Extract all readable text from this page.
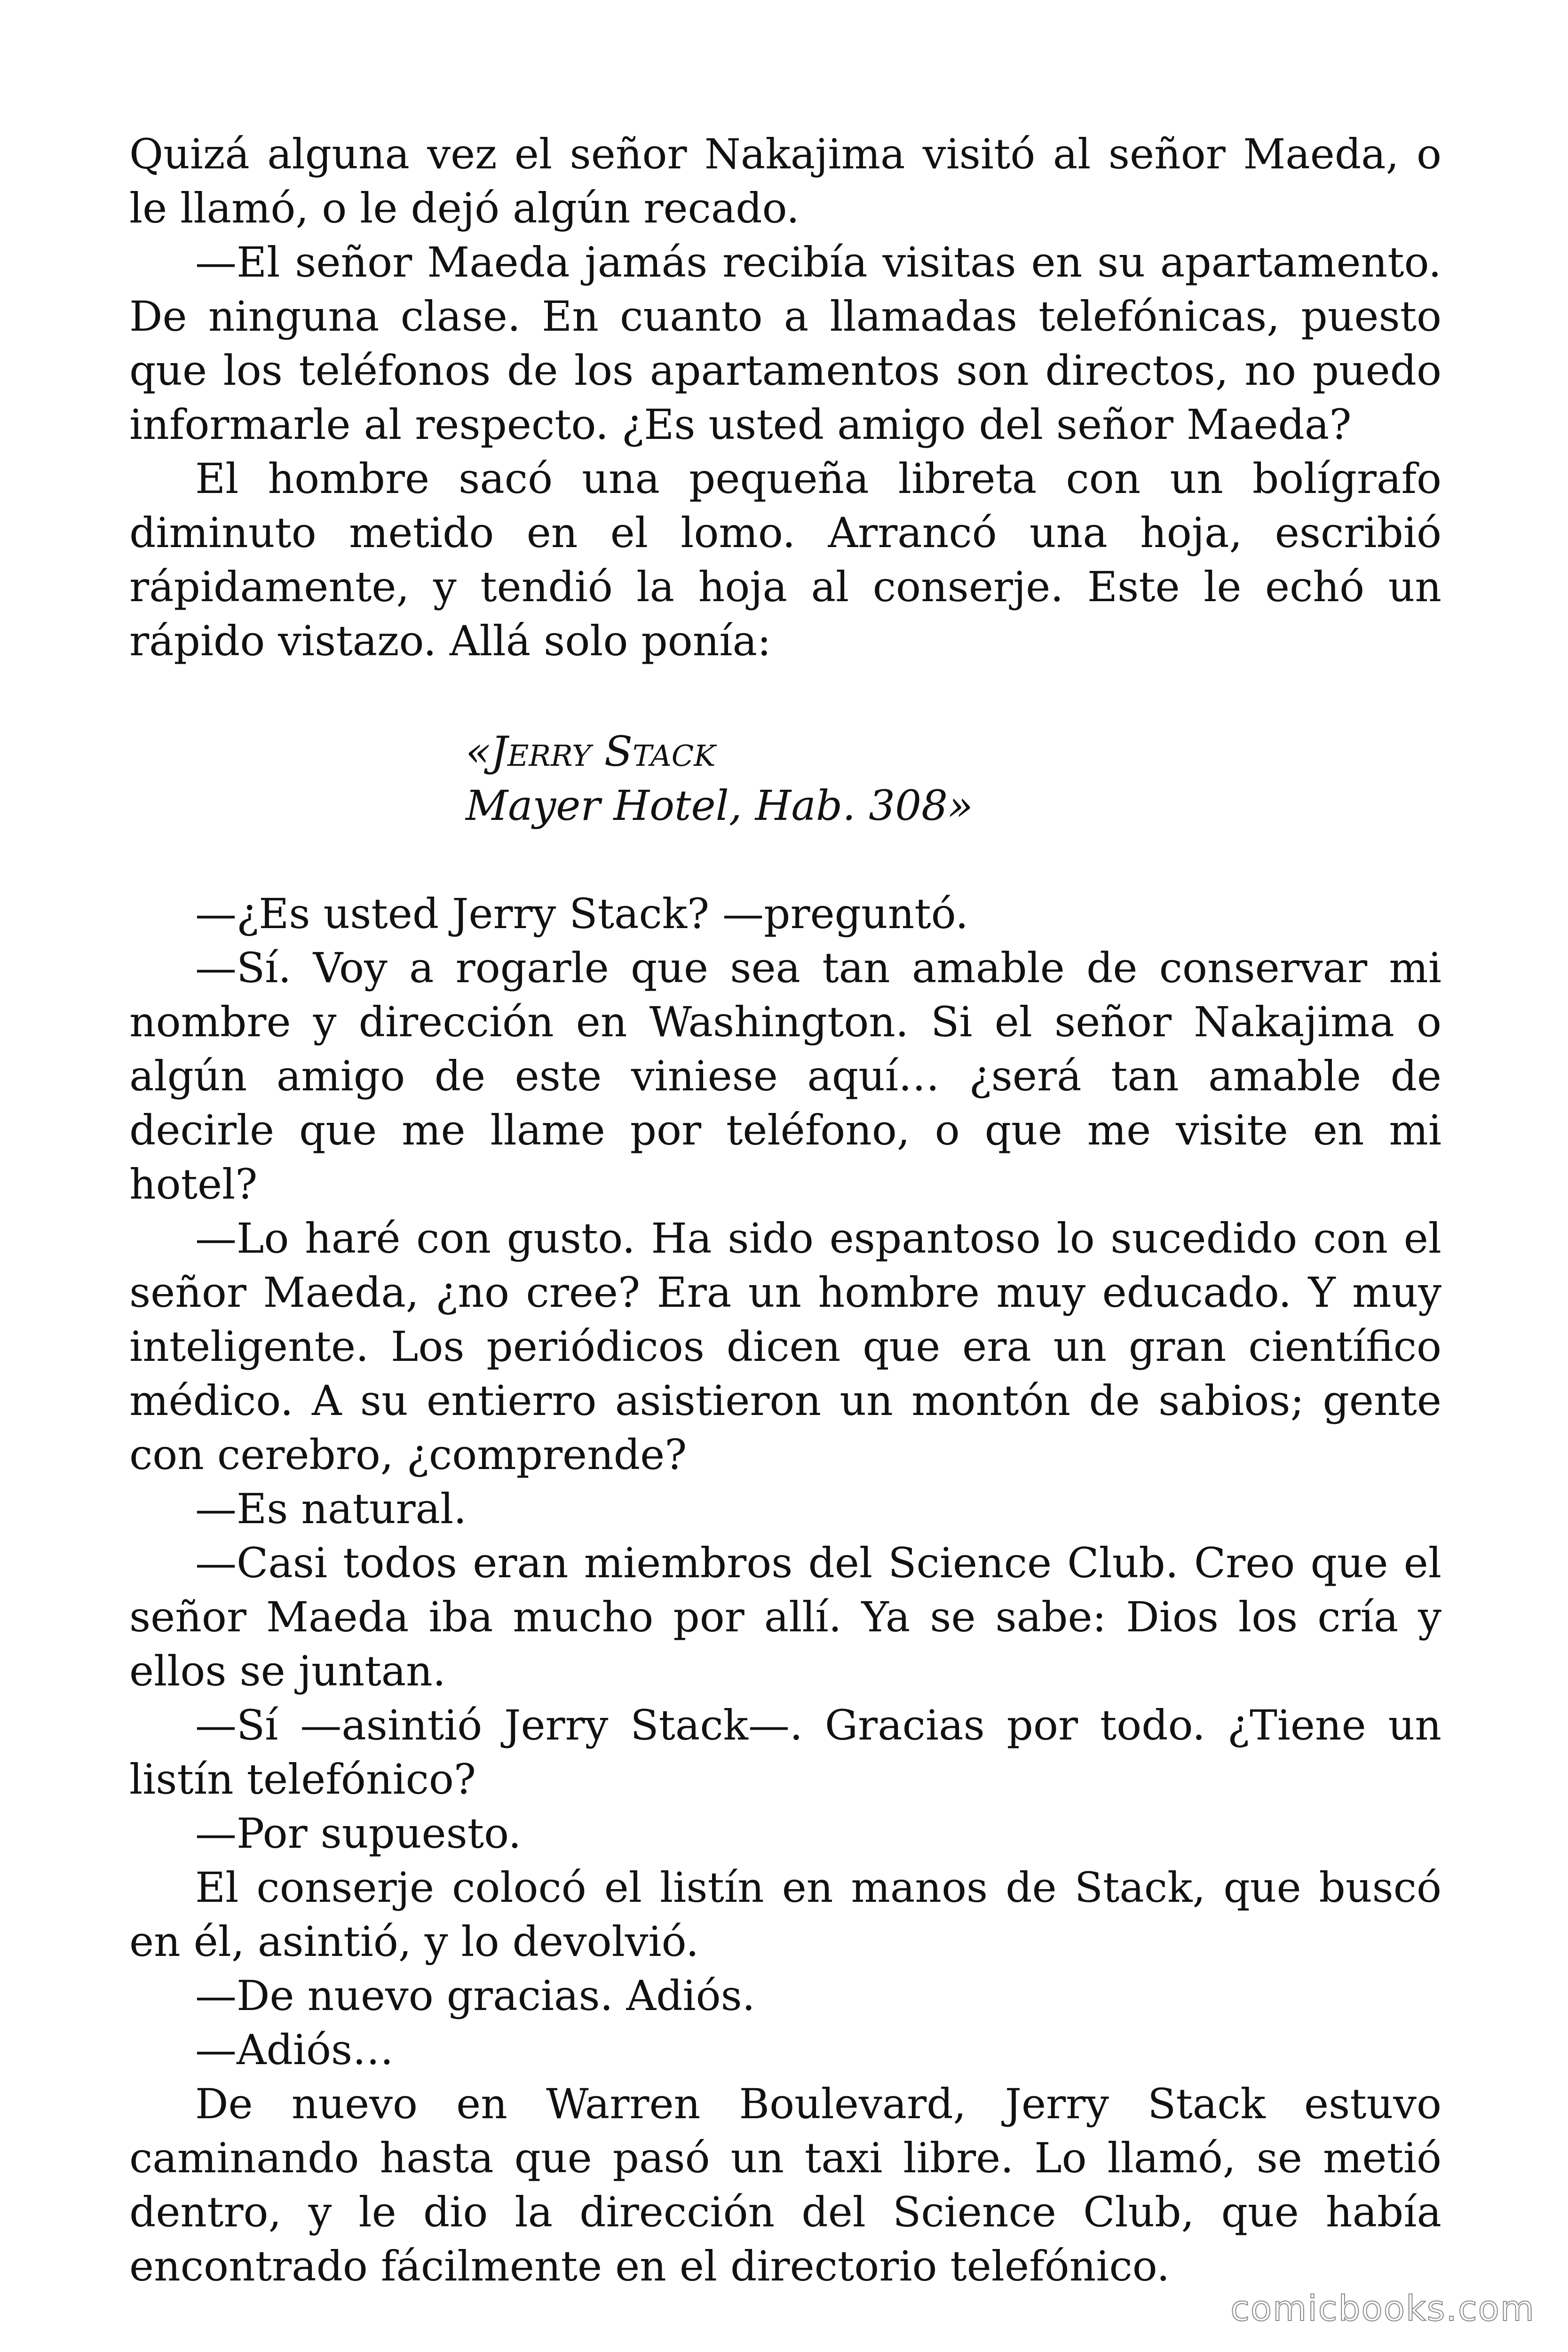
Quizá alguna vez el señor Nakajima visitó al señor Maeda, o le llamó, o le dejó algún recado.

—El señor Maeda jamás recibía visitas en su apartamento. De ninguna clase. En cuanto a llamadas telefónicas, puesto que los teléfonos de los apartamentos son directos, no puedo informarle al respecto. ¿Es usted amigo del señor Maeda?

El hombre sacó una pequeña libreta con un bolígrafo diminuto metido en el lomo. Arrancó una hoja, escribió rápidamente, y tendió la hoja al conserje. Este le echó un rápido vistazo. Allá solo ponía:

«Jerry Stack
Mayer Hotel, Hab. 308»

—¿Es usted Jerry Stack? —preguntó.

—Sí. Voy a rogarle que sea tan amable de conservar mi nombre y dirección en Washington. Si el señor Nakajima o algún amigo de este viniese aquí… ¿será tan amable de decirle que me llame por teléfono, o que me visite en mi hotel?

—Lo haré con gusto. Ha sido espantoso lo sucedido con el señor Maeda, ¿no cree? Era un hombre muy educado. Y muy inteligente. Los periódicos dicen que era un gran científico médico. A su entierro asistieron un montón de sabios; gente con cerebro, ¿comprende?

—Es natural.

—Casi todos eran miembros del Science Club. Creo que el señor Maeda iba mucho por allí. Ya se sabe: Dios los cría y ellos se juntan.

—Sí —asintió Jerry Stack—. Gracias por todo. ¿Tiene un listín telefónico?

—Por supuesto.

El conserje colocó el listín en manos de Stack, que buscó en él, asintió, y lo devolvió.

—De nuevo gracias. Adiós.

—Adiós…

De nuevo en Warren Boulevard, Jerry Stack estuvo caminando hasta que pasó un taxi libre. Lo llamó, se metió dentro, y le dio la dirección del Science Club, que había encontrado fácilmente en el directorio telefónico.

comicbooks.com
